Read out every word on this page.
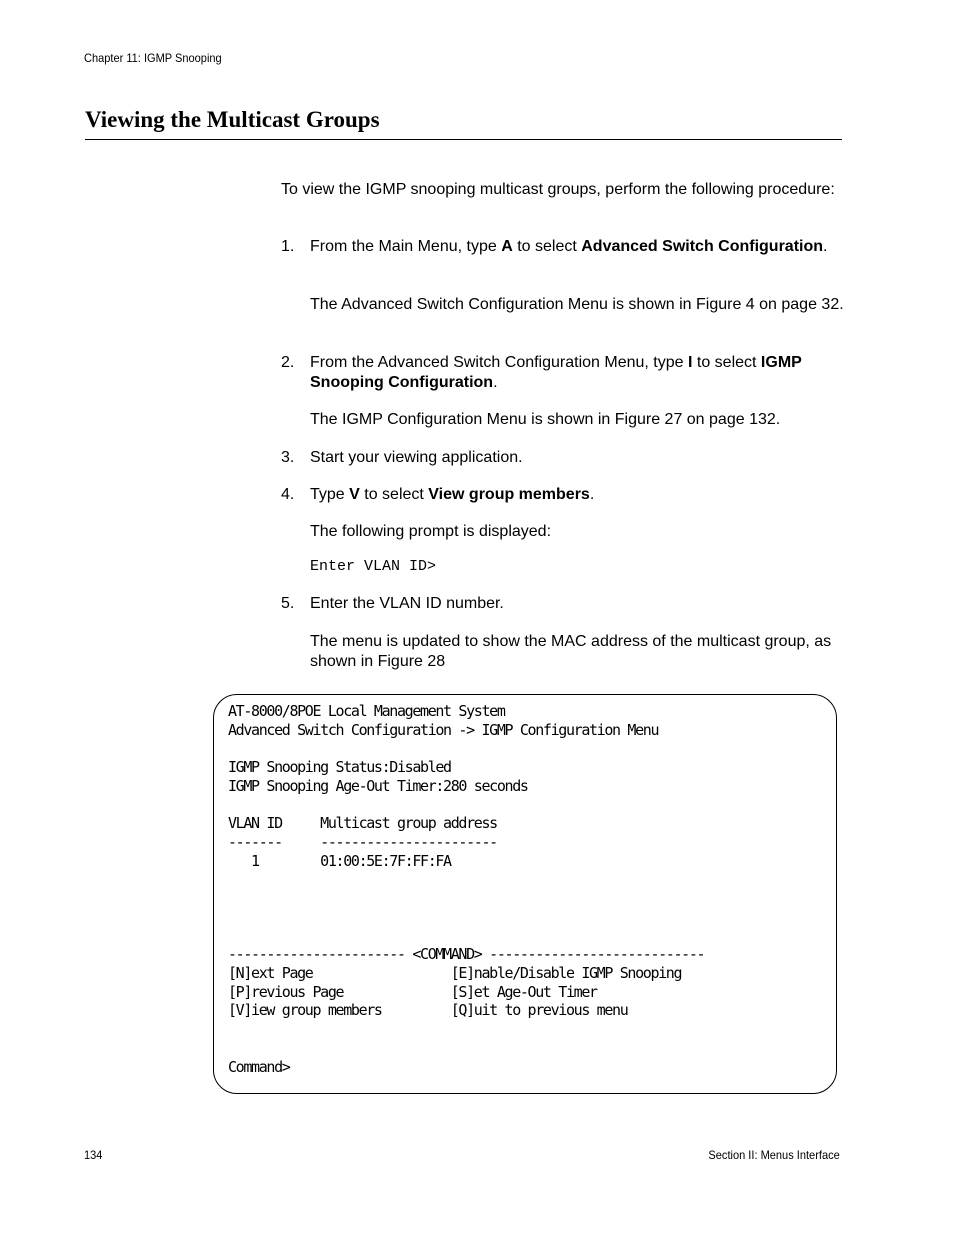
Chapter 11: IGMP Snooping
Viewing the Multicast Groups

To view the IGMP snooping multicast groups, perform the following procedure:

1. From the Main Menu, type A to select Advanced Switch Configuration.

The Advanced Switch Configuration Menu is shown in Figure 4 on page 32.

2. From the Advanced Switch Configuration Menu, type I to select IGMP Snooping Configuration.

The IGMP Configuration Menu is shown in Figure 27 on page 132.

3. Start your viewing application.

4. Type V to select View group members.

The following prompt is displayed:

Enter VLAN ID>
5. Enter the VLAN ID number.

The menu is updated to show the MAC address of the multicast group, as shown in Figure 28

AT-8000/8POE Local Management System
Advanced Switch Configuration -> IGMP Configuration Menu
IGMP Snooping Status:Disabled
IGMP Snooping Age-Out Timer:280 seconds
VLAN ID     Multicast group address
-------     -----------------------
1        01:00:5E:7F:FF:FA
----------------------- <COMMAND> ----------------------------
[N]ext Page                  [E]nable/Disable IGMP Snooping
[P]revious Page              [S]et Age-Out Timer
[V]iew group members         [Q]uit to previous menu
Command>
134	Section II: Menus Interface
